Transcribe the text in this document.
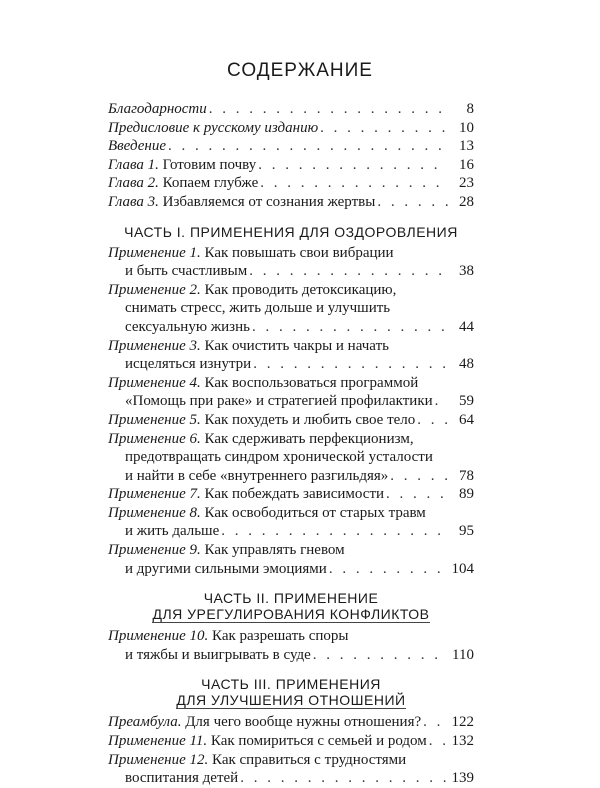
СОДЕРЖАНИЕ
Благодарности . . .	8
Предисловие к русскому изданию . . .	10
Введение . . .	13
Глава 1. Готовим почву . . .	16
Глава 2. Копаем глубже . . .	23
Глава 3. Избавляемся от сознания жертвы . . .	28
ЧАСТЬ I. ПРИМЕНЕНИЯ ДЛЯ ОЗДОРОВЛЕНИЯ
Применение 1. Как повышать свои вибрации
и быть счастливым . . .	38
Применение 2. Как проводить детоксикацию,
снимать стресс, жить дольше и улучшить
сексуальную жизнь . . .	44
Применение 3. Как очистить чакры и начать
исцеляться изнутри . . .	48
Применение 4. Как воспользоваться программой
«Помощь при раке» и стратегией профилактики . . .	59
Применение 5. Как похудеть и любить свое тело . . .	64
Применение 6. Как сдерживать перфекционизм,
предотвращать синдром хронической усталости
и найти в себе «внутреннего разгильдяя» . . .	78
Применение 7. Как побеждать зависимости . . .	89
Применение 8. Как освободиться от старых травм
и жить дальше . . .	95
Применение 9. Как управлять гневом
и другими сильными эмоциями . . .	104
ЧАСТЬ II. ПРИМЕНЕНИЕ
ДЛЯ УРЕГУЛИРОВАНИЯ КОНФЛИКТОВ
Применение 10. Как разрешать споры
и тяжбы и выигрывать в суде . . .	110
ЧАСТЬ III. ПРИМЕНЕНИЯ
ДЛЯ УЛУЧШЕНИЯ ОТНОШЕНИЙ
Преамбула. Для чего вообще нужны отношения? . . . 122
Применение 11. Как помириться с семьей и родом . . . 132
Применение 12. Как справиться с трудностями
воспитания детей . . .	139
